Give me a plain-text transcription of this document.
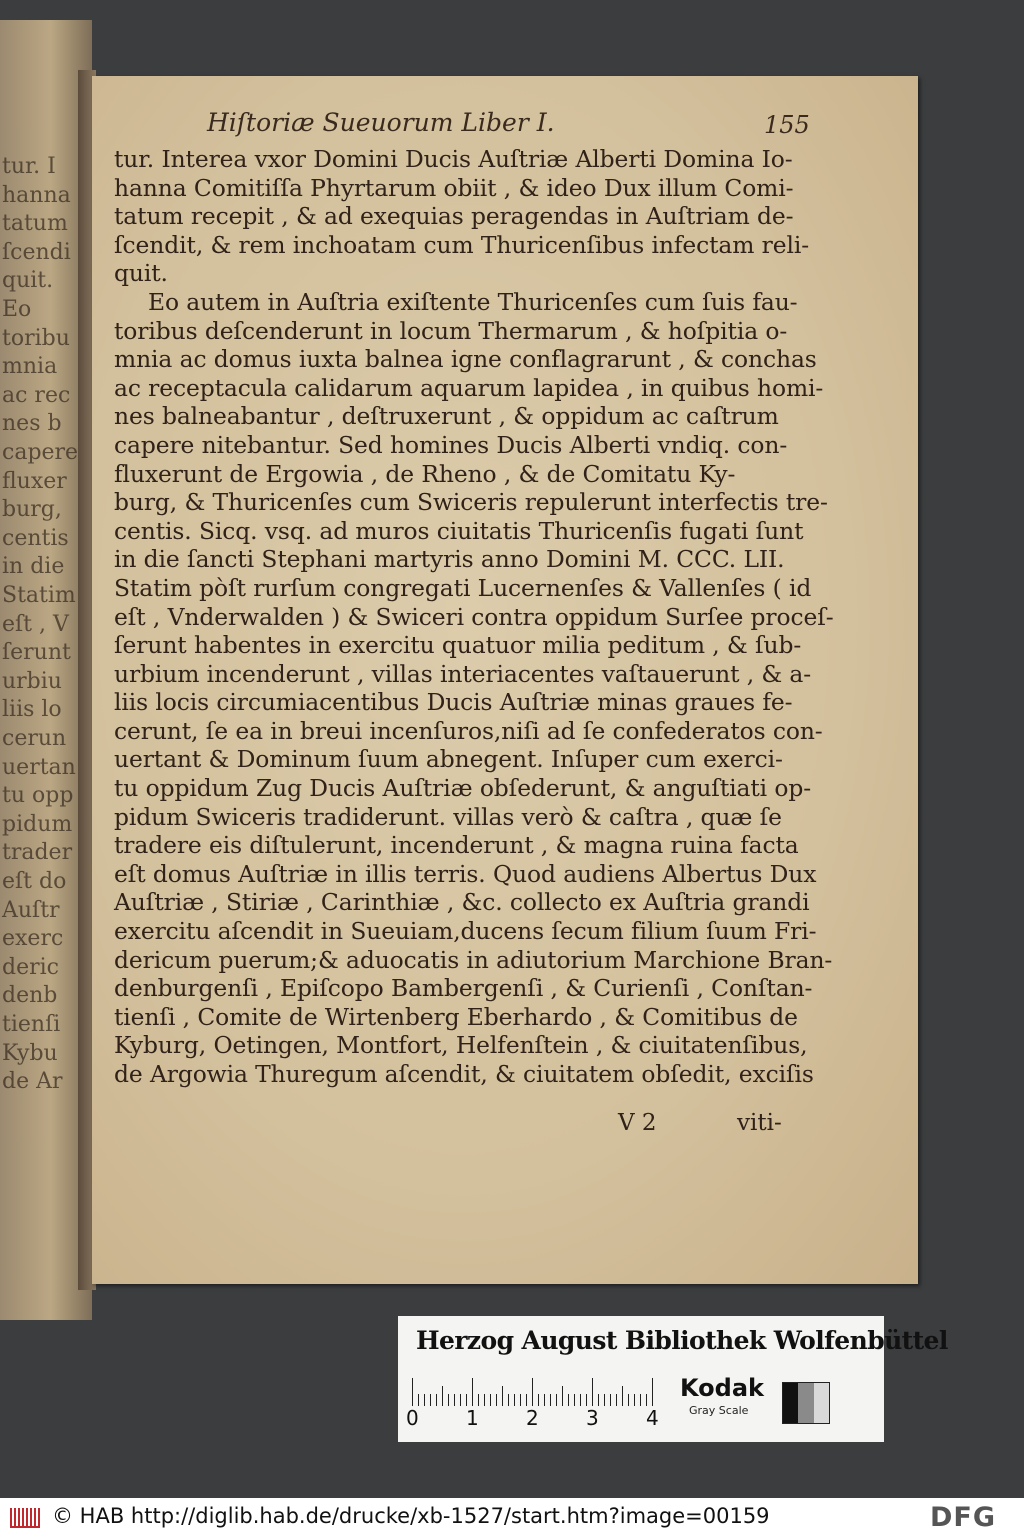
tur. I
hanna
tatum
ſcendi
quit.
Eo
toribu
mnia
ac rec
nes b
capere
fluxer
burg,
centis
in die
Statim
eſt , V
ſerunt
urbiu
liis lo
cerun
uertan
tu opp
pidum
trader
eſt do
Auſtr
exerc
deric
denb
tienſi
Kybu
de Ar
Hiſtoriæ Sueuorum Liber I.	155
tur. Interea vxor Domini Ducis Auſtriæ Alberti Domina Io-
hanna Comitiſſa Phyrtarum obiit , & ideo Dux illum Comi-
tatum recepit , & ad exequias peragendas in Auſtriam de-
ſcendit, & rem inchoatam cum Thuricenſibus infectam reli-
quit.
Eo autem in Auſtria exiſtente Thuricenſes cum ſuis fau-
toribus deſcenderunt in locum Thermarum , & hoſpitia o-
mnia ac domus iuxta balnea igne conflagrarunt , & conchas
ac receptacula calidarum aquarum lapidea , in quibus homi-
nes balneabantur , deſtruxerunt , & oppidum ac caſtrum
capere nitebantur. Sed homines Ducis Alberti vndiq. con-
fluxerunt de Ergowia , de Rheno , & de Comitatu Ky-
burg, & Thuricenſes cum Swiceris repulerunt interfectis tre-
centis. Sicq. vsq. ad muros ciuitatis Thuricenſis fugati ſunt
in die ſancti Stephani martyris anno Domini M. CCC. LII.
Statim pòſt rurſum congregati Lucernenſes & Vallenſes ( id
eſt , Vnderwalden ) & Swiceri contra oppidum Surſee proceſ-
ſerunt habentes in exercitu quatuor milia peditum , & ſub-
urbium incenderunt , villas interiacentes vaſtauerunt , & a-
liis locis circumiacentibus Ducis Auſtriæ minas graues fe-
cerunt, ſe ea in breui incenſuros,niſi ad ſe confederatos con-
uertant & Dominum ſuum abnegent. Inſuper cum exerci-
tu oppidum Zug Ducis Auſtriæ obſederunt, & anguſtiati op-
pidum Swiceris tradiderunt. villas verò & caſtra , quæ ſe
tradere eis diſtulerunt, incenderunt , & magna ruina facta
eſt domus Auſtriæ in illis terris. Quod audiens Albertus Dux
Auſtriæ , Stiriæ , Carinthiæ , &c. collecto ex Auſtria grandi
exercitu aſcendit in Sueuiam,ducens ſecum filium ſuum Fri-
dericum puerum;& aduocatis in adiutorium Marchione Bran-
denburgenſi , Epiſcopo Bambergenſi , & Curienſi , Conſtan-
tienſi , Comite de Wirtenberg Eberhardo , & Comitibus de
Kyburg, Oetingen, Montfort, Helfenſtein , & ciuitatenſibus,
de Argowia Thuregum aſcendit, & ciuitatem obſedit, exciſis
V 2	viti-
Herzog August Bibliothek Wolfenbüttel
0 1 2 3 4
Kodak
Gray Scale
© HAB http://diglib.hab.de/drucke/xb-1527/start.htm?image=00159	DFG
